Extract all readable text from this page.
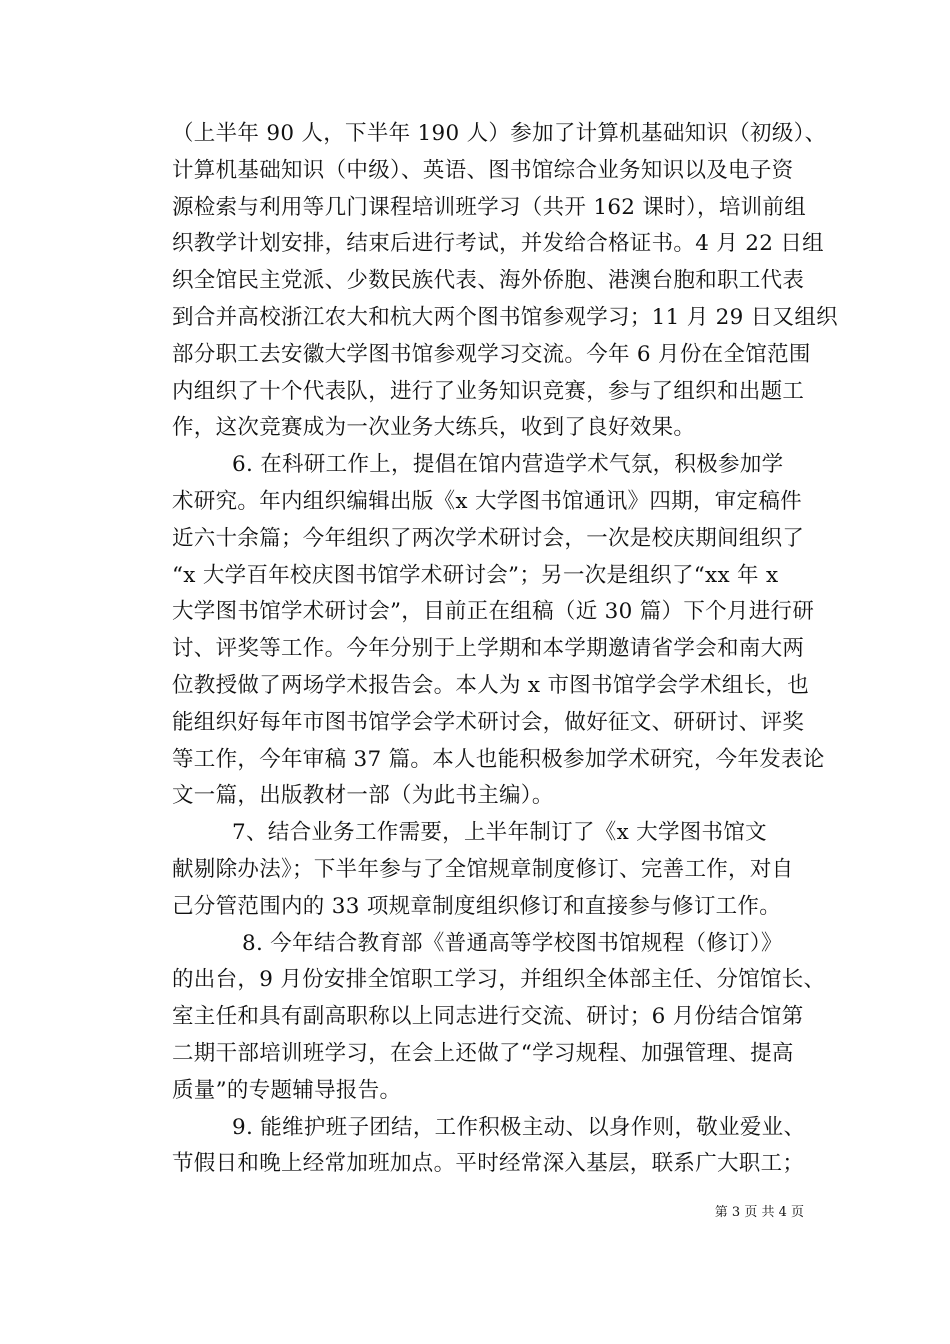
（上半年 90 人，下半年 190 人）参加了计算机基础知识（初级）、
计算机基础知识（中级）、英语、图书馆综合业务知识以及电子资
源检索与利用等几门课程培训班学习（共开 162 课时），培训前组
织教学计划安排，结束后进行考试，并发给合格证书。4 月 22 日组
织全馆民主党派、少数民族代表、海外侨胞、港澳台胞和职工代表
到合并高校浙江农大和杭大两个图书馆参观学习；11 月 29 日又组织
部分职工去安徽大学图书馆参观学习交流。今年 6 月份在全馆范围
内组织了十个代表队，进行了业务知识竞赛，参与了组织和出题工
作，这次竞赛成为一次业务大练兵，收到了良好效果。
6. 在科研工作上，提倡在馆内营造学术气氛，积极参加学
术研究。年内组织编辑出版《x 大学图书馆通讯》四期，审定稿件
近六十余篇；今年组织了两次学术研讨会，一次是校庆期间组织了
“x 大学百年校庆图书馆学术研讨会”；另一次是组织了“xx 年 x
大学图书馆学术研讨会”，目前正在组稿（近 30 篇）下个月进行研
讨、评奖等工作。今年分别于上学期和本学期邀请省学会和南大两
位教授做了两场学术报告会。本人为 x 市图书馆学会学术组长，也
能组织好每年市图书馆学会学术研讨会，做好征文、研研讨、评奖
等工作，今年审稿 37 篇。本人也能积极参加学术研究，今年发表论
文一篇，出版教材一部（为此书主编）。
7、结合业务工作需要，上半年制订了《x 大学图书馆文
献剔除办法》；下半年参与了全馆规章制度修订、完善工作，对自
己分管范围内的 33 项规章制度组织修订和直接参与修订工作。
8. 今年结合教育部《普通高等学校图书馆规程（修订）》
的出台，9 月份安排全馆职工学习，并组织全体部主任、分馆馆长、
室主任和具有副高职称以上同志进行交流、研讨；6 月份结合馆第
二期干部培训班学习，在会上还做了“学习规程、加强管理、提高
质量”的专题辅导报告。
9. 能维护班子团结，工作积极主动、以身作则，敬业爱业、
节假日和晚上经常加班加点。平时经常深入基层，联系广大职工；
第 3 页 共 4 页
